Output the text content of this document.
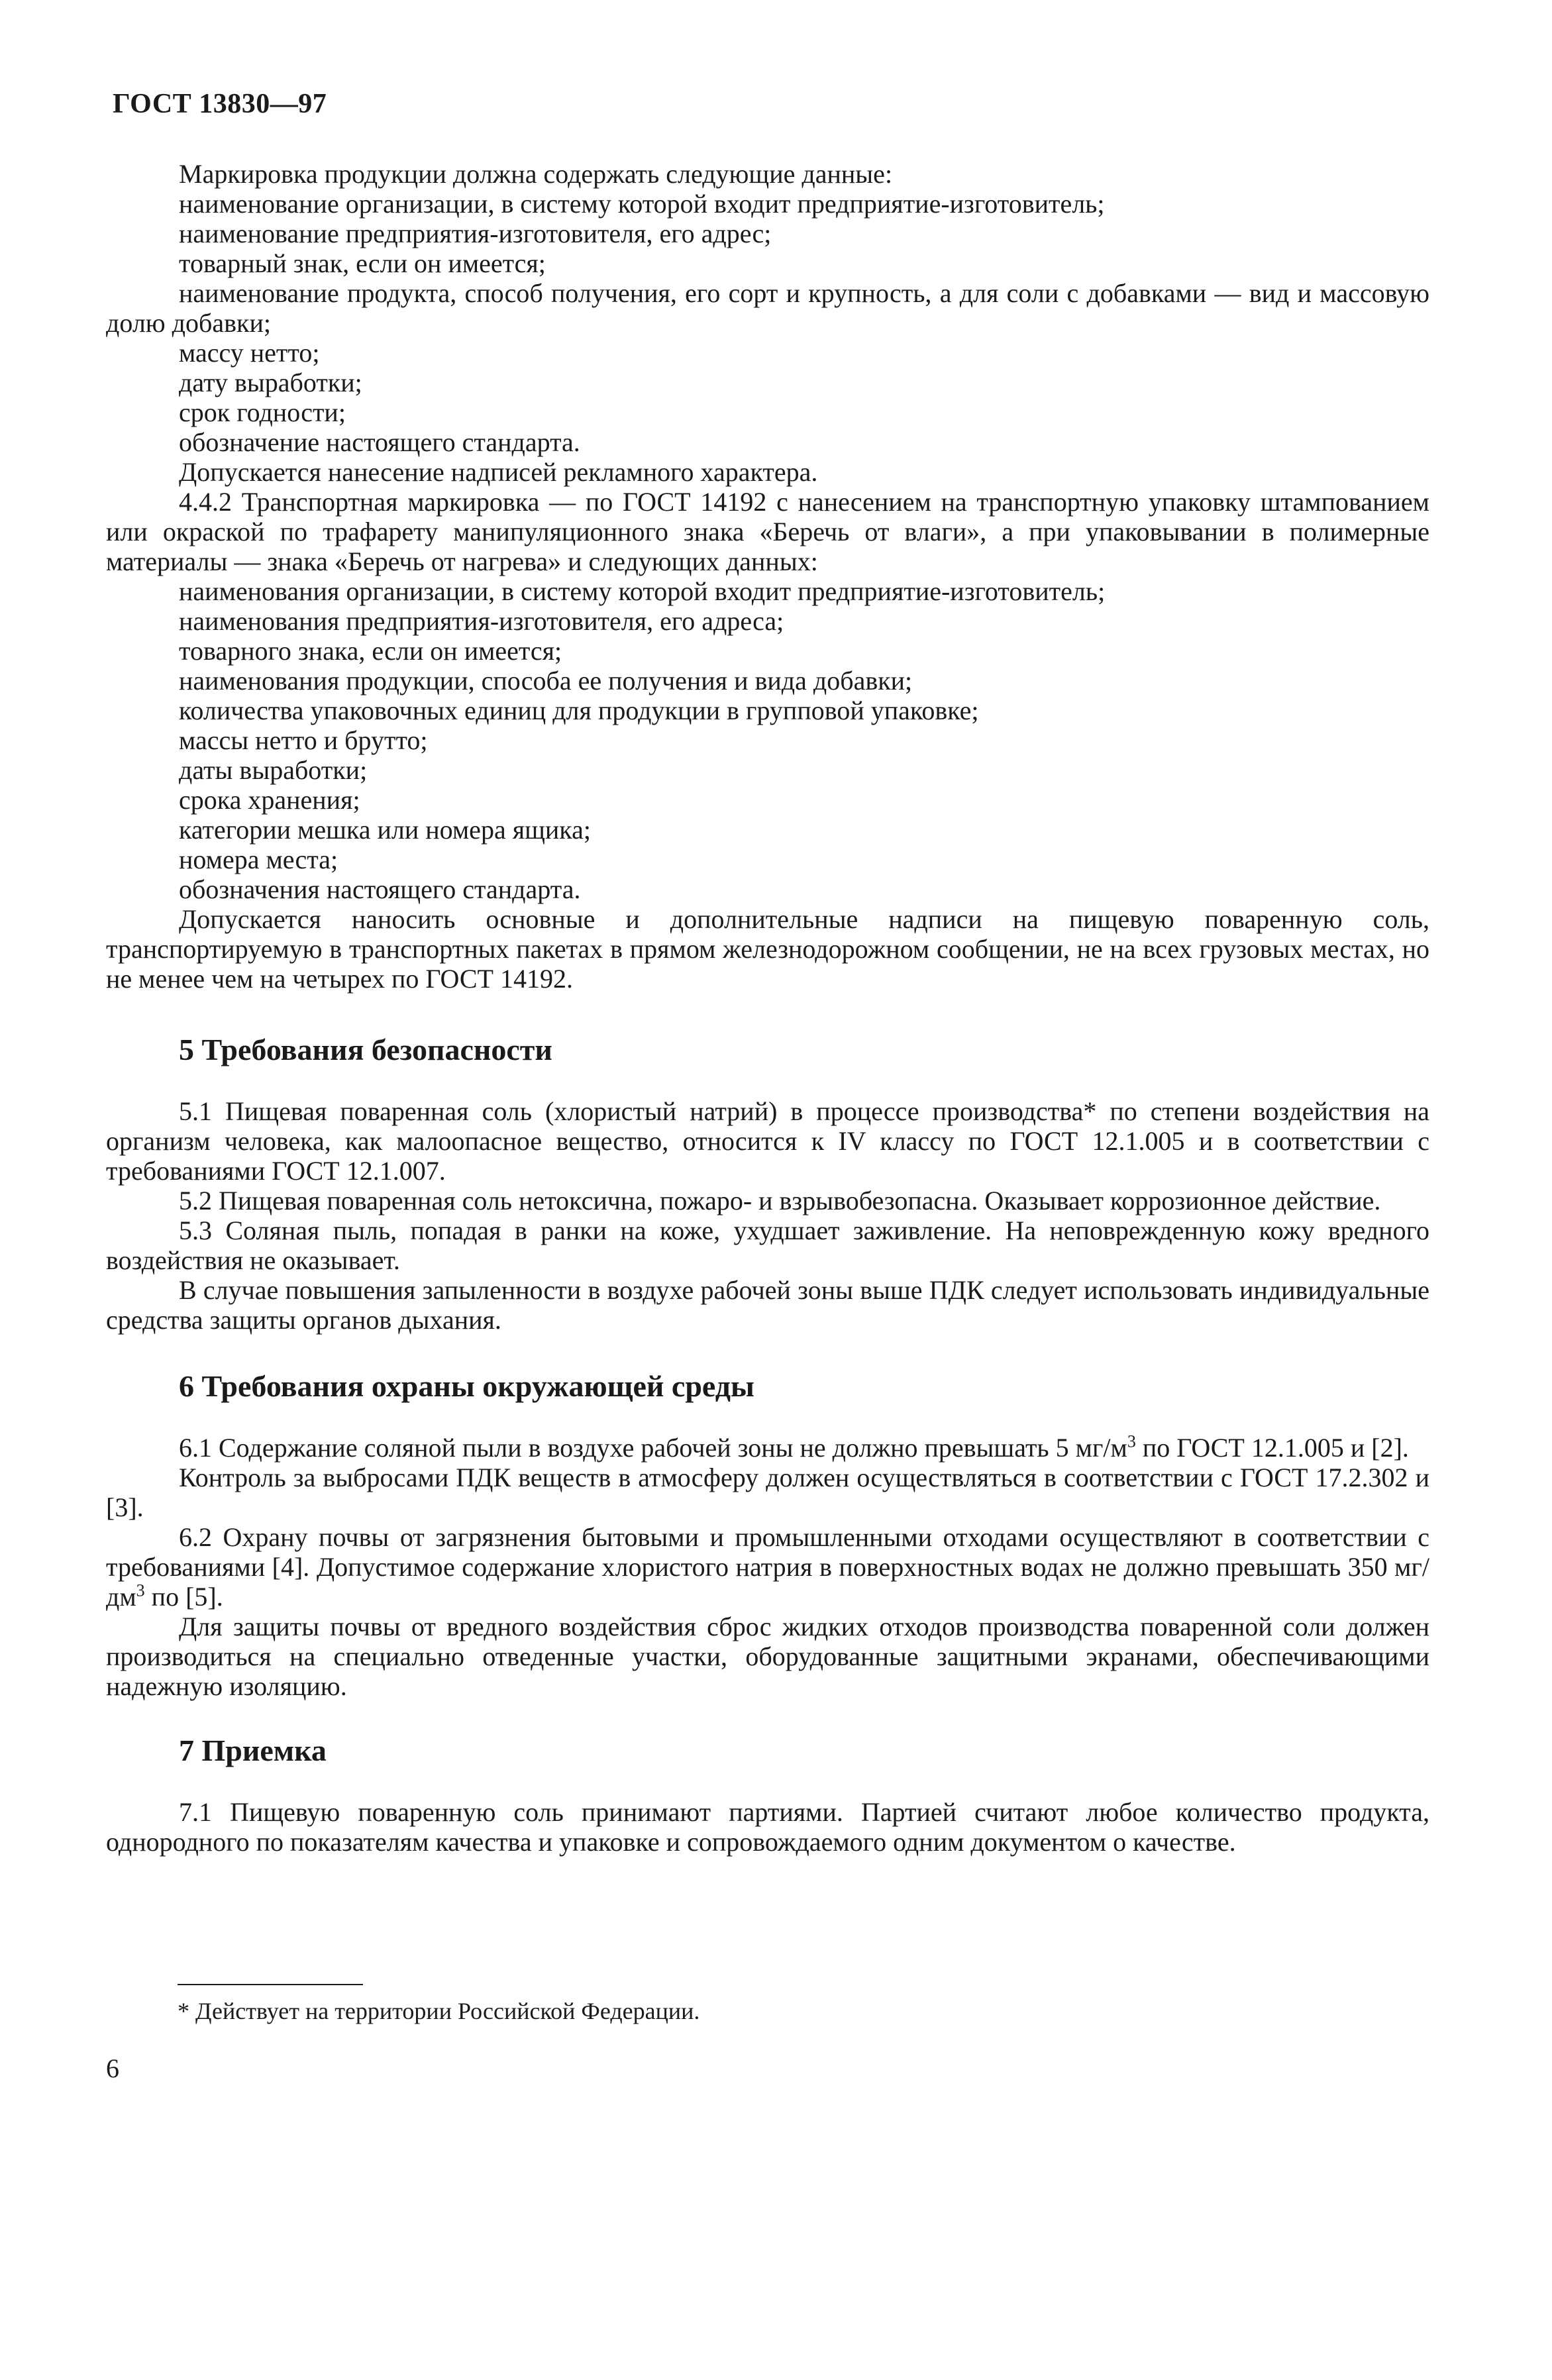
ГОСТ 13830—97

Маркировка продукции должна содержать следующие данные:

наименование организации, в систему которой входит предприятие-изготовитель;

наименование предприятия-изготовителя, его адрес;

товарный знак, если он имеется;

наименование продукта, способ получения, его сорт и крупность, а для соли с добавками — вид и массовую долю добавки;

массу нетто;

дату выработки;

срок годности;

обозначение настоящего стандарта.

Допускается нанесение надписей рекламного характера.

4.4.2 Транспортная маркировка — по ГОСТ 14192 с нанесением на транспортную упаковку штампованием или окраской по трафарету манипуляционного знака «Беречь от влаги», а при упаковывании в полимерные материалы — знака «Беречь от нагрева» и следующих данных:

наименования организации, в систему которой входит предприятие-изготовитель;

наименования предприятия-изготовителя, его адреса;

товарного знака, если он имеется;

наименования продукции, способа ее получения и вида добавки;

количества упаковочных единиц для продукции в групповой упаковке;

массы нетто и брутто;

даты выработки;

срока хранения;

категории мешка или номера ящика;

номера места;

обозначения настоящего стандарта.

Допускается наносить основные и дополнительные надписи на пищевую поваренную соль, транспортируемую в транспортных пакетах в прямом железнодорожном сообщении, не на всех грузовых местах, но не менее чем на четырех по ГОСТ 14192.

5 Требования безопасности

5.1 Пищевая поваренная соль (хлористый натрий) в процессе производства* по степени воздействия на организм человека, как малоопасное вещество, относится к IV классу по ГОСТ 12.1.005 и в соответствии с требованиями ГОСТ 12.1.007.

5.2 Пищевая поваренная соль нетоксична, пожаро- и взрывобезопасна. Оказывает коррозионное действие.

5.3 Соляная пыль, попадая в ранки на коже, ухудшает заживление. На неповрежденную кожу вредного воздействия не оказывает.

В случае повышения запыленности в воздухе рабочей зоны выше ПДК следует использовать индивидуальные средства защиты органов дыхания.

6 Требования охраны окружающей среды

6.1 Содержание соляной пыли в воздухе рабочей зоны не должно превышать 5 $мг/м^3$ по ГОСТ 12.1.005 и [2].

Контроль за выбросами ПДК веществ в атмосферу должен осуществляться в соответствии с ГОСТ 17.2.302 и [3].

6.2 Охрану почвы от загрязнения бытовыми и промышленными отходами осуществляют в соответствии с требованиями [4]. Допустимое содержание хлористого натрия в поверхностных водах не должно превышать 350 $мг/дм^3$ по [5].

Для защиты почвы от вредного воздействия сброс жидких отходов производства поваренной соли должен производиться на специально отведенные участки, оборудованные защитными экранами, обеспечивающими надежную изоляцию.

7 Приемка

7.1 Пищевую поваренную соль принимают партиями. Партией считают любое количество продукта, однородного по показателям качества и упаковке и сопровождаемого одним документом о качестве.

* Действует на территории Российской Федерации.
6
